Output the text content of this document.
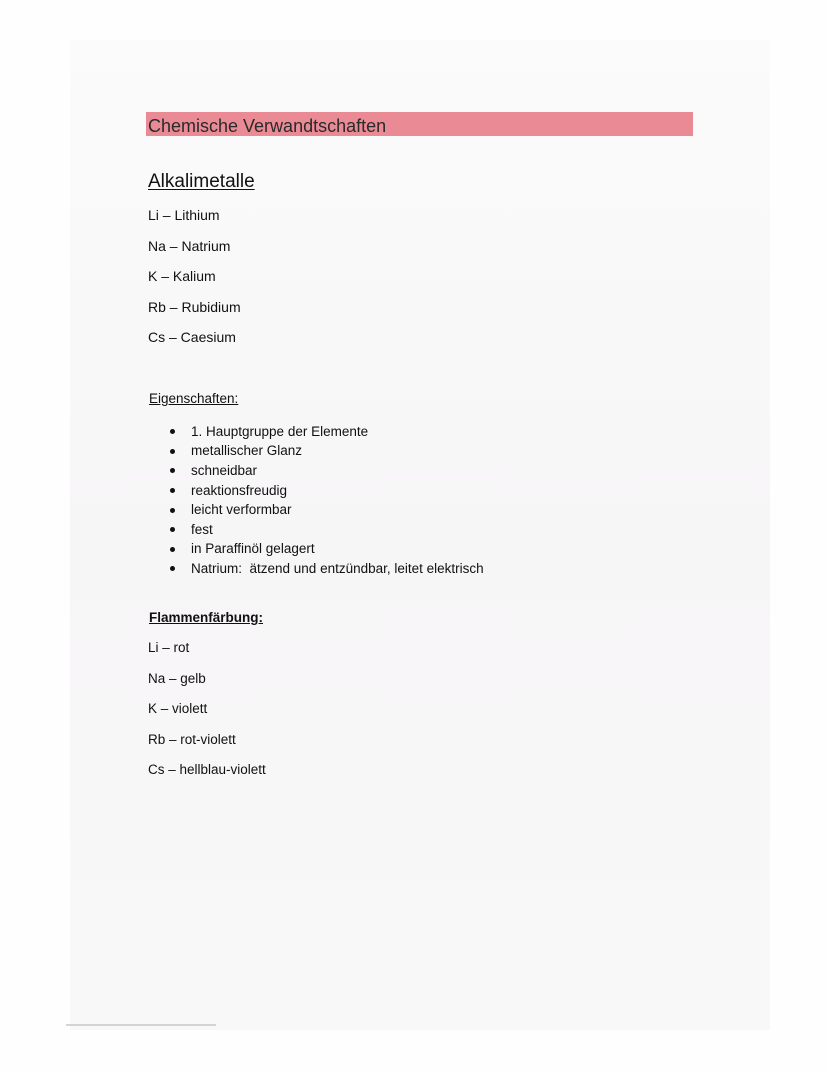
Chemische Verwandtschaften
Alkalimetalle
Li – Lithium
Na – Natrium
K – Kalium
Rb – Rubidium
Cs – Caesium
Eigenschaften:
1. Hauptgruppe der Elemente
metallischer Glanz
schneidbar
reaktionsfreudig
leicht verformbar
fest
in Paraffinöl gelagert
Natrium:  ätzend und entzündbar, leitet elektrisch
Flammenfärbung:
Li – rot
Na – gelb
K – violett
Rb – rot-violett
Cs – hellblau-violett
